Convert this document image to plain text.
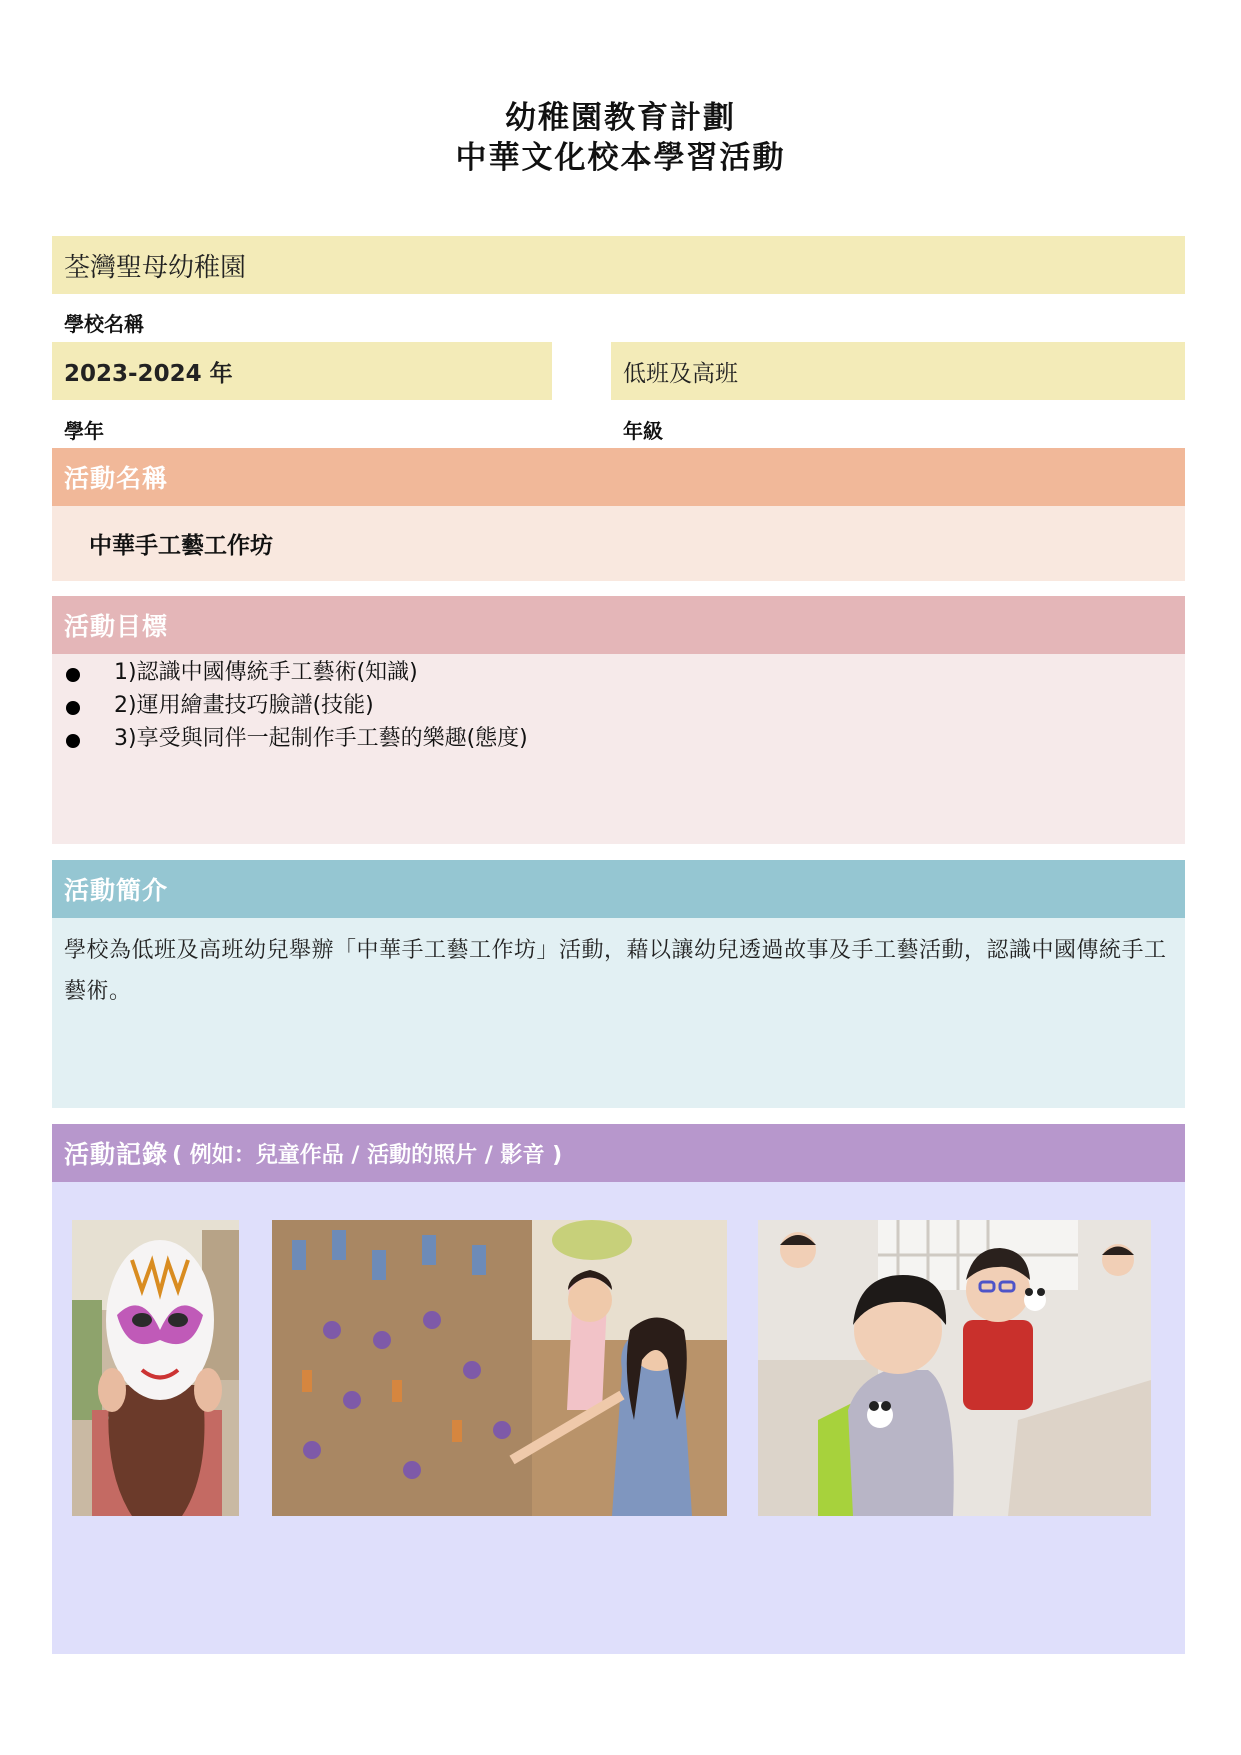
幼稚園教育計劃
中華文化校本學習活動
荃灣聖母幼稚園
學校名稱
2023-2024 年
學年
低班及高班
年級
活動名稱
中華手工藝工作坊
活動目標
1)認識中國傳統手工藝術(知識)
2)運用繪畫技巧臉譜(技能)
3)享受與同伴一起制作手工藝的樂趣(態度)
活動簡介
學校為低班及高班幼兒舉辦「中華手工藝工作坊」活動，藉以讓幼兒透過故事及手工藝活動，認識中國傳統手工藝術。
活動記錄 ( 例如：兒童作品 / 活動的照片 / 影音 )
